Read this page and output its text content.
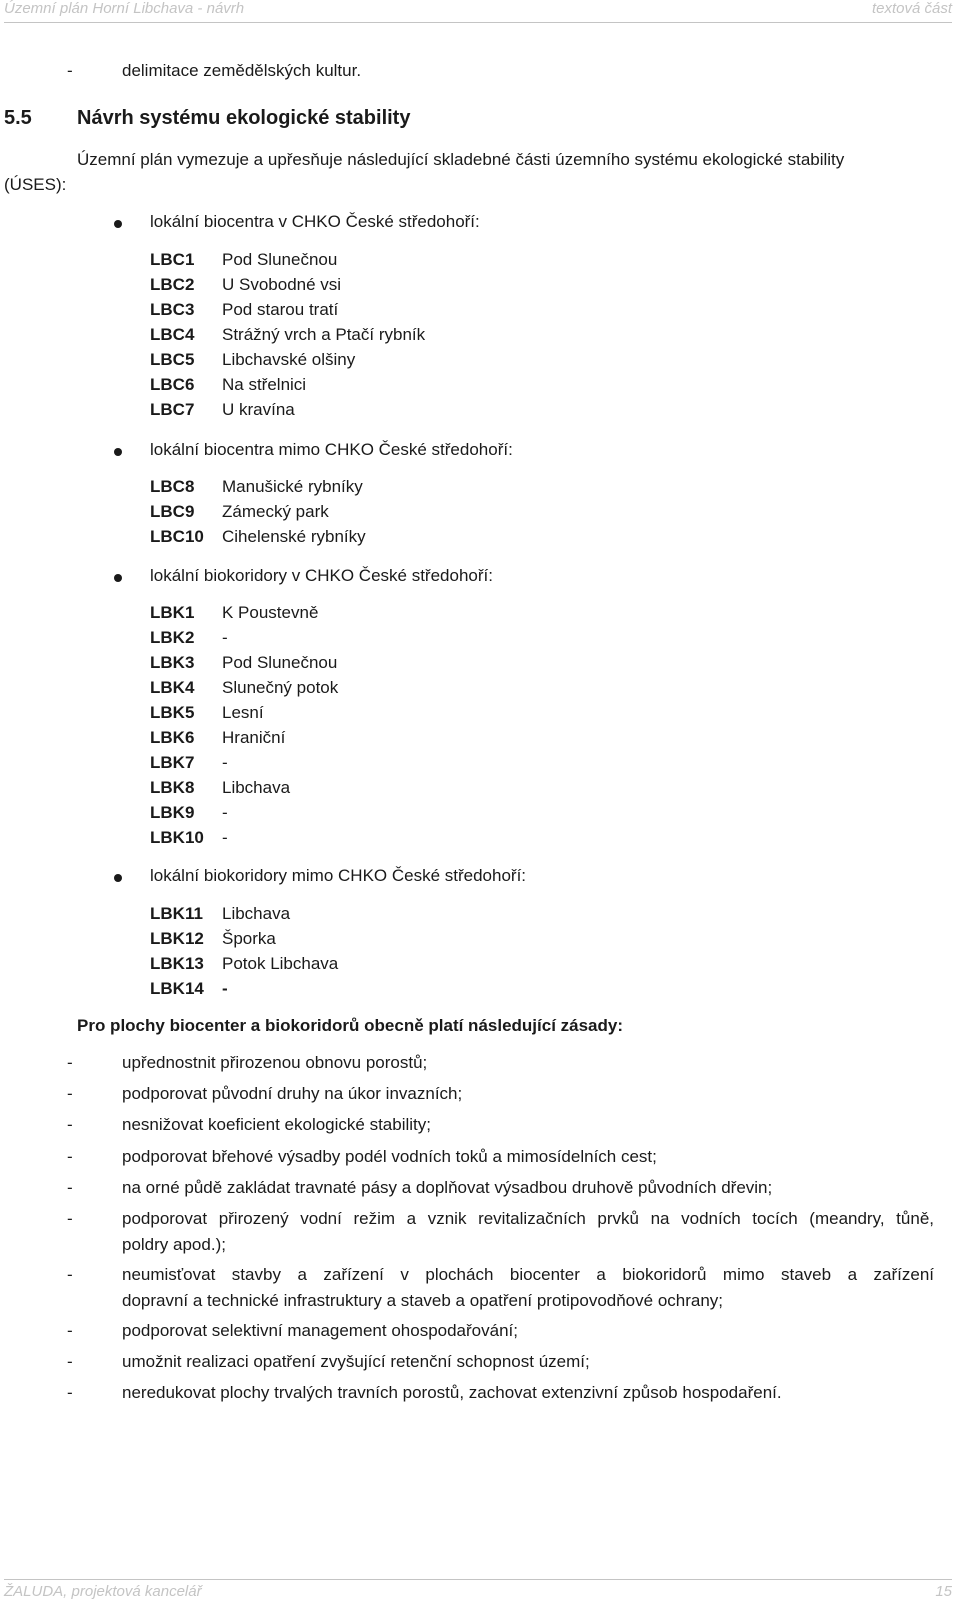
Územní plán Horní Libchava - návrh	textová část
-	delimitace zemědělských kultur.
5.5 Návrh systému ekologické stability
Územní plán vymezuje a upřesňuje následující skladebné části územního systému ekologické stability
(ÚSES):
lokální biocentra v CHKO České středohoří:
LBC1 Pod Slunečnou
LBC2 U Svobodné vsi
LBC3 Pod starou tratí
LBC4 Strážný vrch a Ptačí rybník
LBC5 Libchavské olšiny
LBC6 Na střelnici
LBC7 U kravína
lokální biocentra mimo CHKO České středohoří:
LBC8 Manušické rybníky
LBC9 Zámecký park
LBC10 Cihelenské rybníky
lokální biokoridory v CHKO České středohoří:
LBK1 K Poustevně
LBK2 -
LBK3 Pod Slunečnou
LBK4 Slunečný potok
LBK5 Lesní
LBK6 Hraniční
LBK7 -
LBK8 Libchava
LBK9 -
LBK10 -
lokální biokoridory mimo CHKO České středohoří:
LBK11 Libchava
LBK12 Šporka
LBK13 Potok Libchava
LBK14 -
Pro plochy biocenter a biokoridorů obecně platí následující zásady:
-	upřednostnit přirozenou obnovu porostů;
-	podporovat původní druhy na úkor invazních;
-	nesnižovat koeficient ekologické stability;
-	podporovat břehové výsadby podél vodních toků a mimosídelních cest;
-	na orné půdě zakládat travnaté pásy a doplňovat výsadbou druhově původních dřevin;
-	podporovat přirozený vodní režim a vznik revitalizačních prvků na vodních tocích (meandry, tůně,
poldry apod.);
-	neumisťovat stavby a zařízení v plochách biocenter a biokoridorů mimo staveb a zařízení
dopravní a technické infrastruktury a staveb a opatření protipovodňové ochrany;
-	podporovat selektivní management ohospodařování;
-	umožnit realizaci opatření zvyšující retenční schopnost území;
-	neredukovat plochy trvalých travních porostů, zachovat extenzivní způsob hospodaření.
ŽALUDA, projektová kancelář	15
